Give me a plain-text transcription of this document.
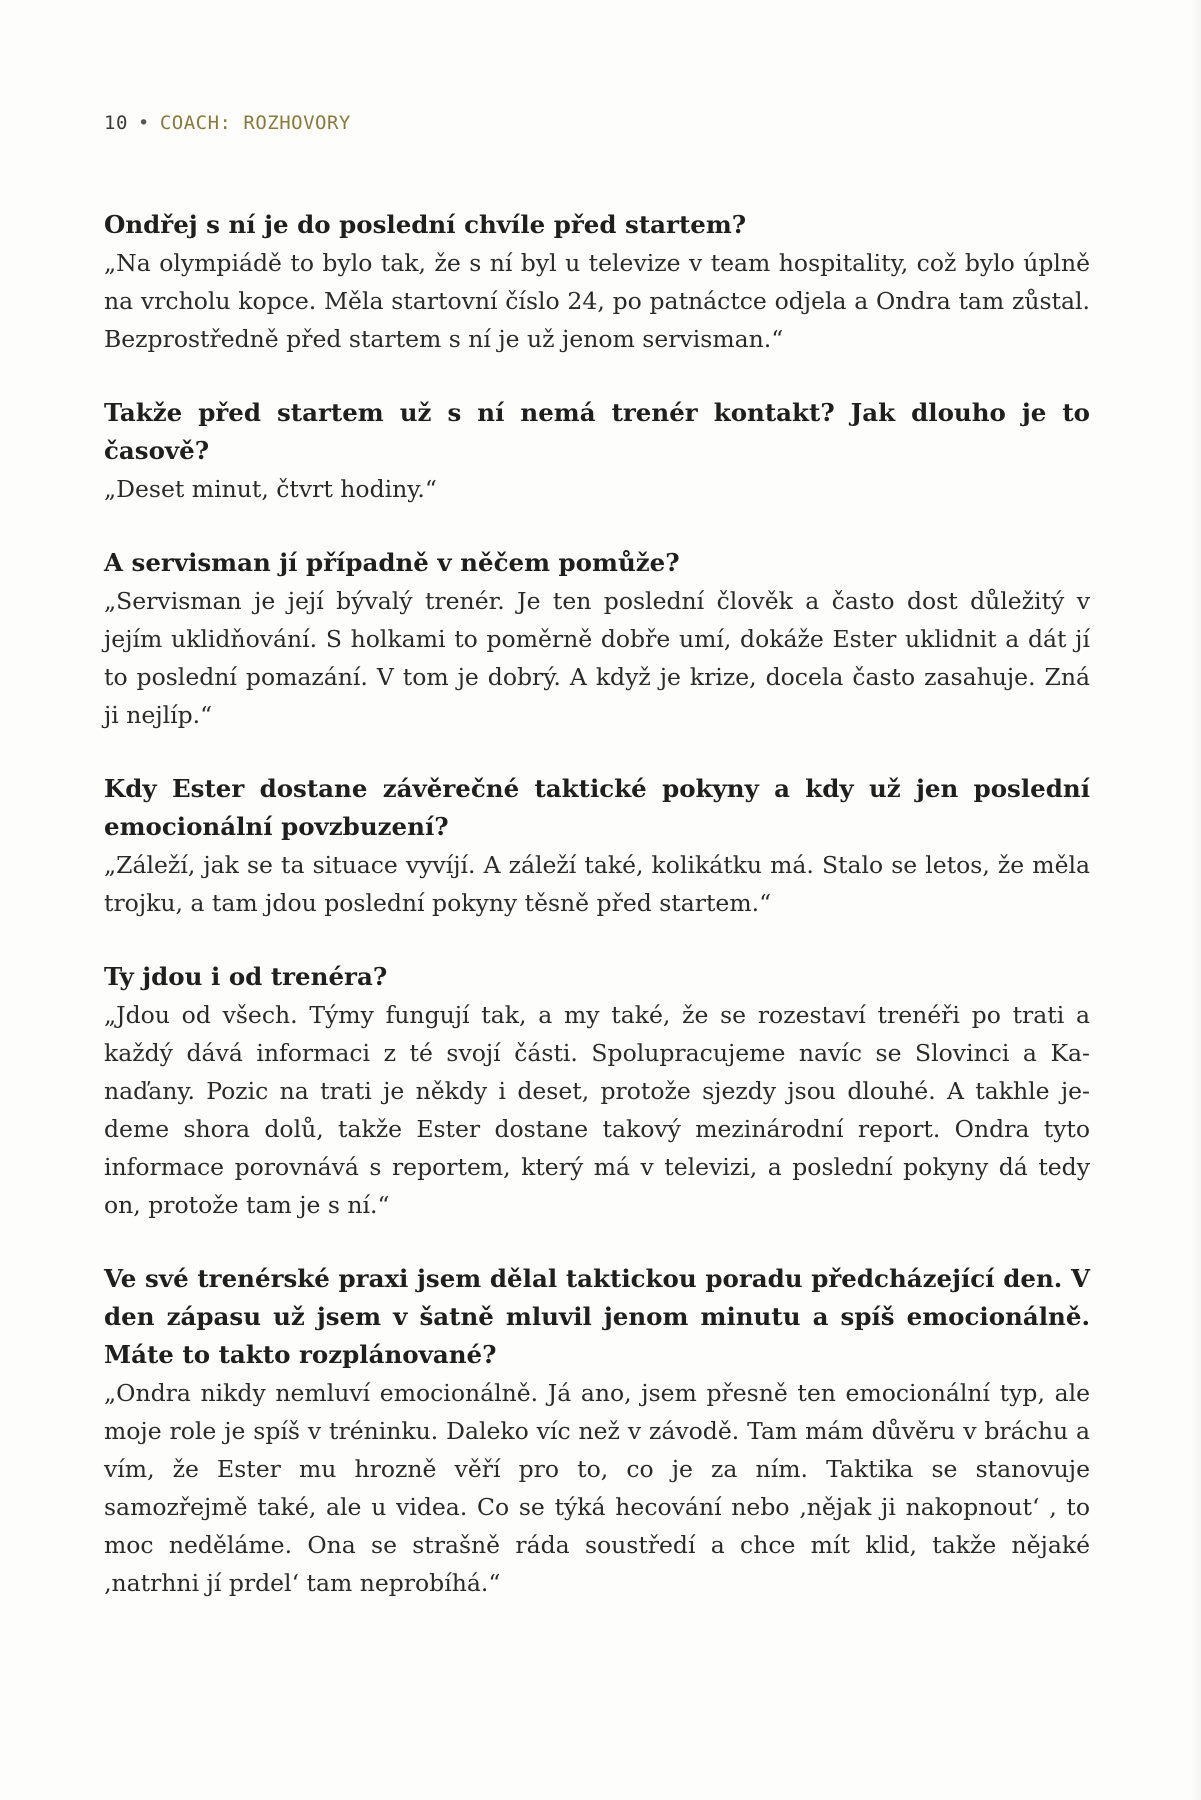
10 • COACH: ROZHOVORY

Ondřej s ní je do poslední chvíle před startem?

„Na olympiádě to bylo tak, že s ní byl u televize v team hospitality, což bylo úplně na vrcholu kopce. Měla startovní číslo 24, po patnáctce odjela a Ondra tam zůstal. Bezprostředně před startem s ní je už jenom servisman.“

Takže před startem už s ní nemá trenér kontakt? Jak dlouho je to časově?

„Deset minut, čtvrt hodiny.“

A servisman jí případně v něčem pomůže?

„Servisman je její bývalý trenér. Je ten poslední člověk a často dost důležitý v jejím uklidňování. S holkami to poměrně dobře umí, dokáže Ester uklidnit a dát jí to poslední pomazání. V tom je dobrý. A když je krize, docela často zasahuje. Zná ji nejlíp.“

Kdy Ester dostane závěrečné taktické pokyny a kdy už jen poslední emocionální povzbuzení?

„Záleží, jak se ta situace vyvíjí. A záleží také, kolikátku má. Stalo se letos, že měla trojku, a tam jdou poslední pokyny těsně před startem.“

Ty jdou i od trenéra?

„Jdou od všech. Týmy fungují tak, a my také, že se rozestaví trenéři po trati a každý dává informaci z té svojí části. Spolupracujeme navíc se Slovinci a Kanaďany. Pozic na trati je někdy i deset, protože sjezdy jsou dlouhé. A takhle jedeme shora dolů, takže Ester dostane takový mezinárodní report. Ondra tyto informace porovnává s reportem, který má v televizi, a poslední pokyny dá tedy on, protože tam je s ní.“

Ve své trenérské praxi jsem dělal taktickou poradu předcházející den. V den zápasu už jsem v šatně mluvil jenom minutu a spíš emocionálně. Máte to takto rozplánované?

„Ondra nikdy nemluví emocionálně. Já ano, jsem přesně ten emocionální typ, ale moje role je spíš v tréninku. Daleko víc než v závodě. Tam mám důvěru v bráchu a vím, že Ester mu hrozně věří pro to, co je za ním. Taktika se stanovuje samozřejmě také, ale u videa. Co se týká hecování nebo ‚nějak ji nakopnout‘ , to moc neděláme. Ona se strašně ráda soustředí a chce mít klid, takže nějaké ‚natrhni jí prdel‘ tam neprobíhá.“
